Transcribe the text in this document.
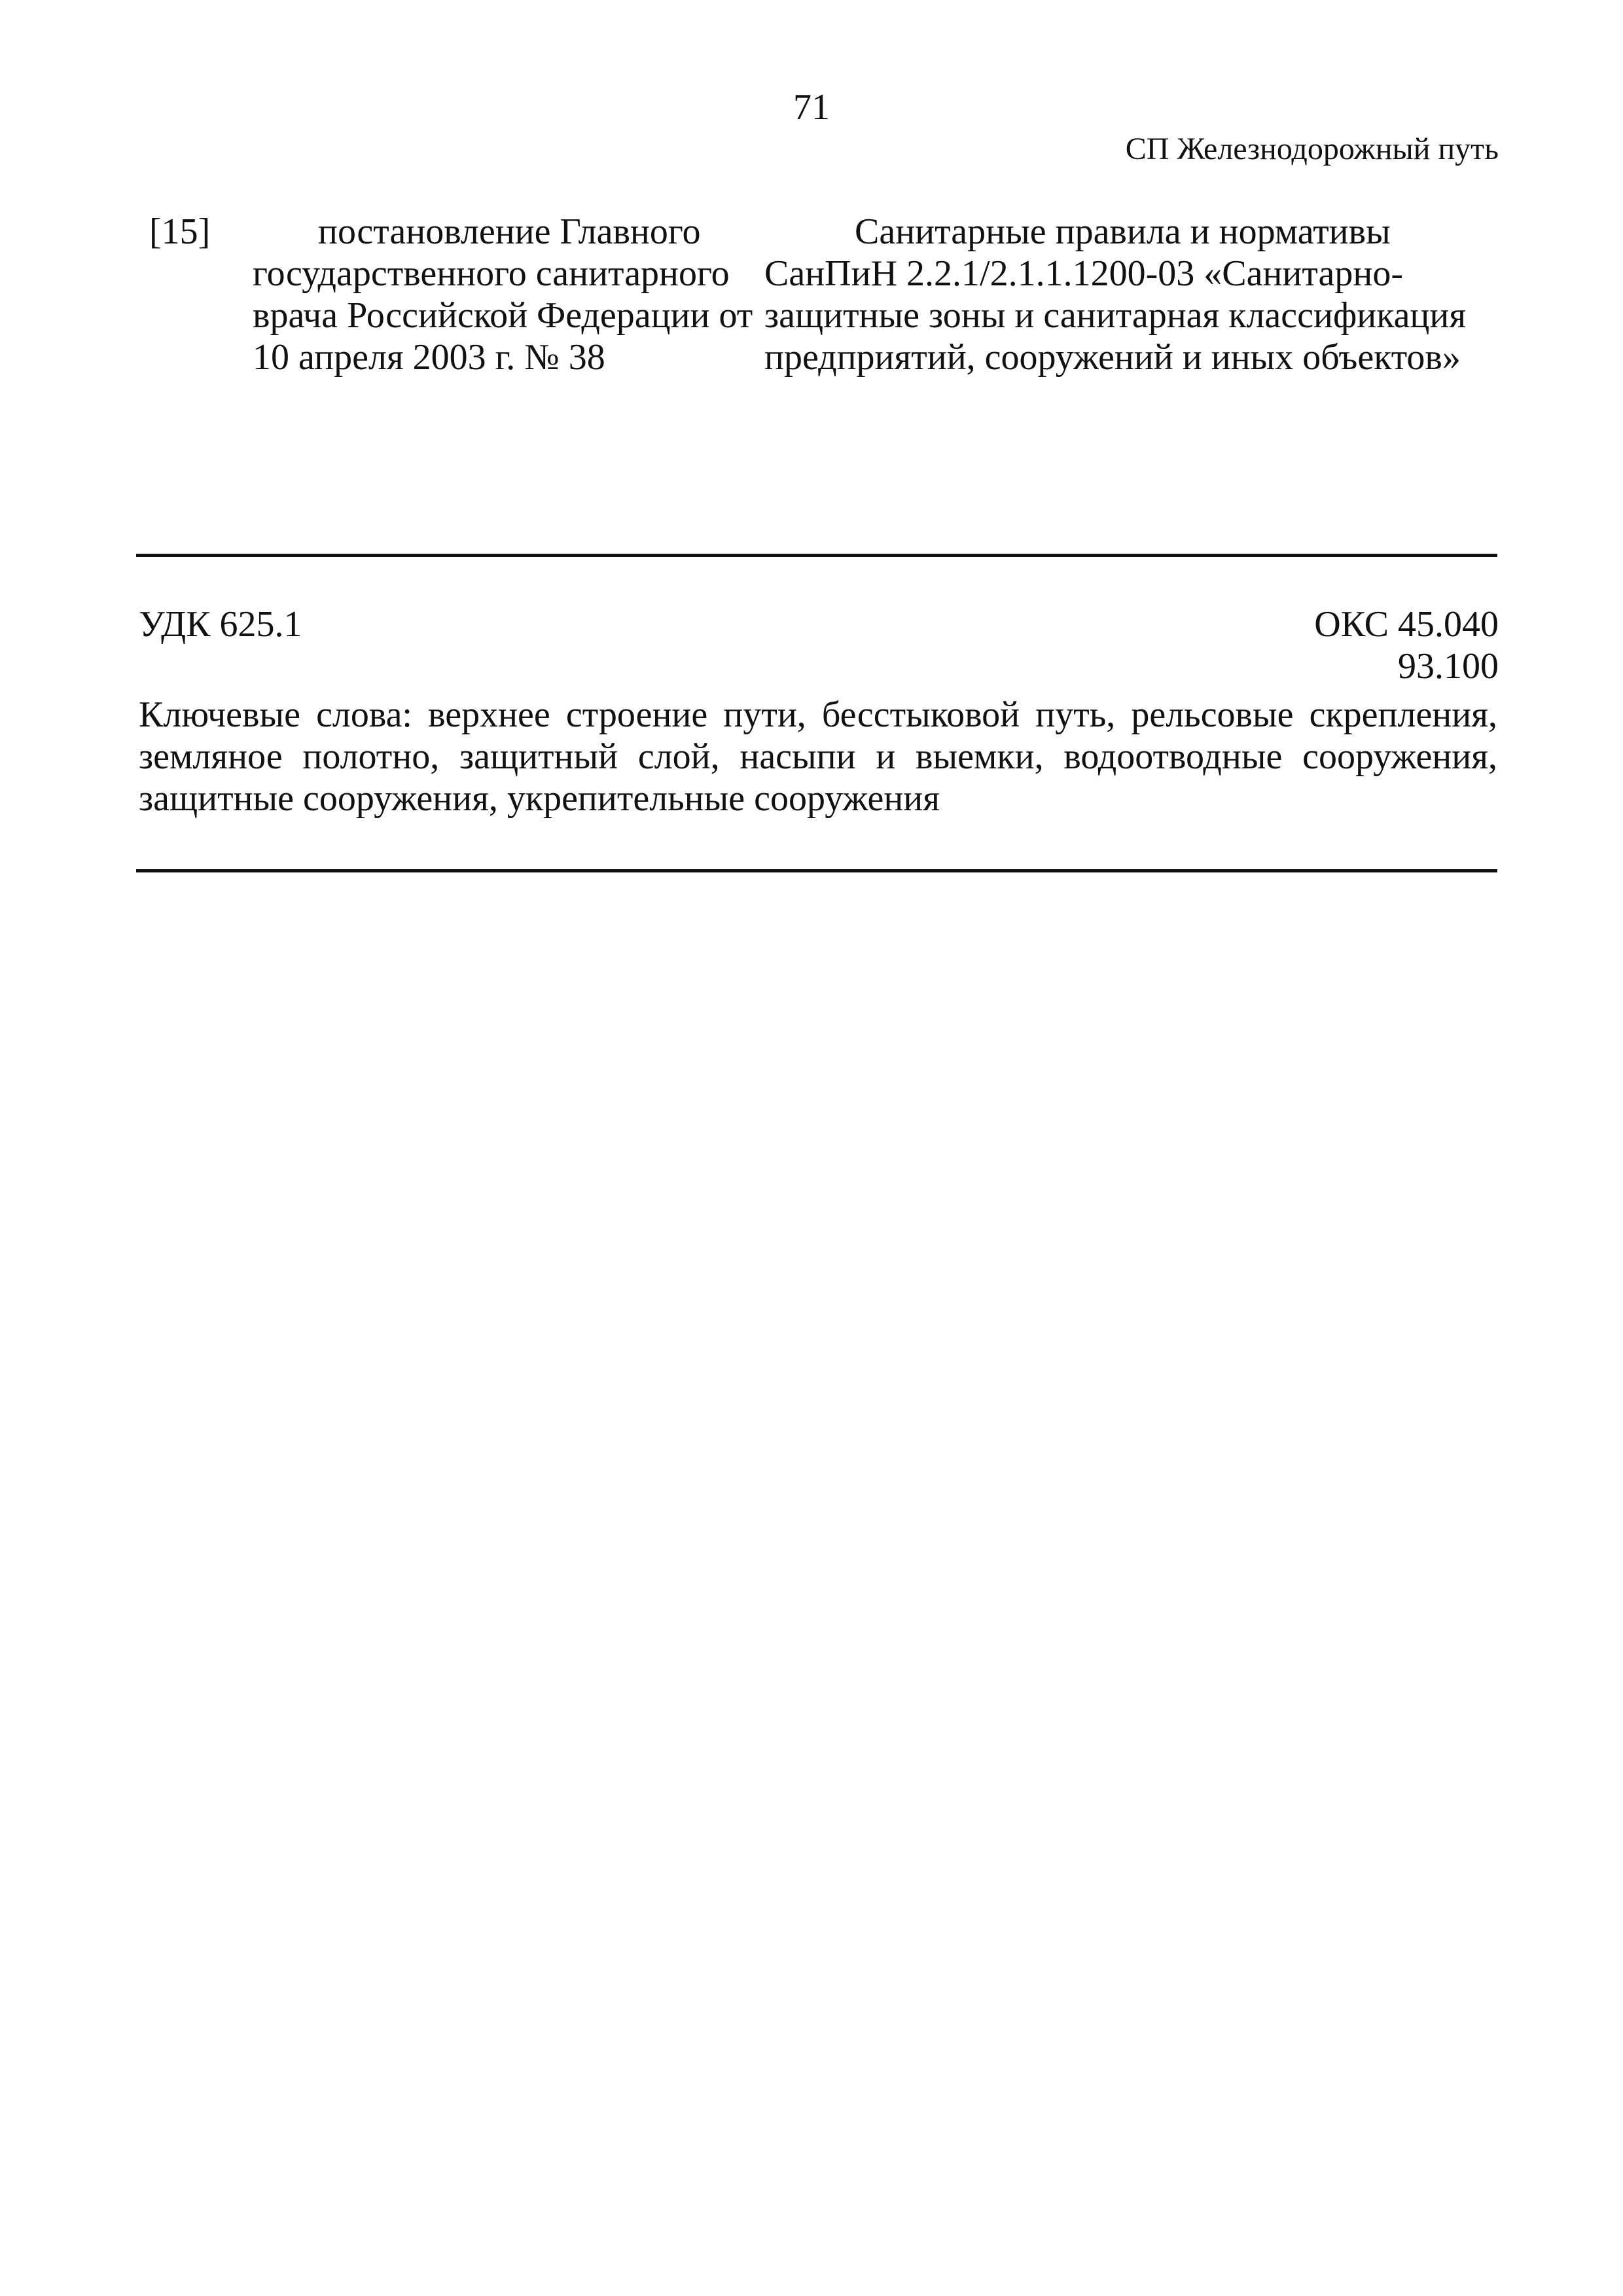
71
СП Железнодорожный путь
[15]	постановление Главного государственного санитарного врача Российской Федерации от 10 апреля 2003 г. № 38
Санитарные правила и нормативы СанПиН 2.2.1/2.1.1.1200-03 «Санитарно-защитные зоны и санитарная классификация предприятий, сооружений и иных объектов»
УДК 625.1	ОКС 45.040
93.100
Ключевые слова: верхнее строение пути, бесстыковой путь, рельсовые скрепления, земляное полотно, защитный слой, насыпи и выемки, водоотводные сооружения, защитные сооружения, укрепительные сооружения
